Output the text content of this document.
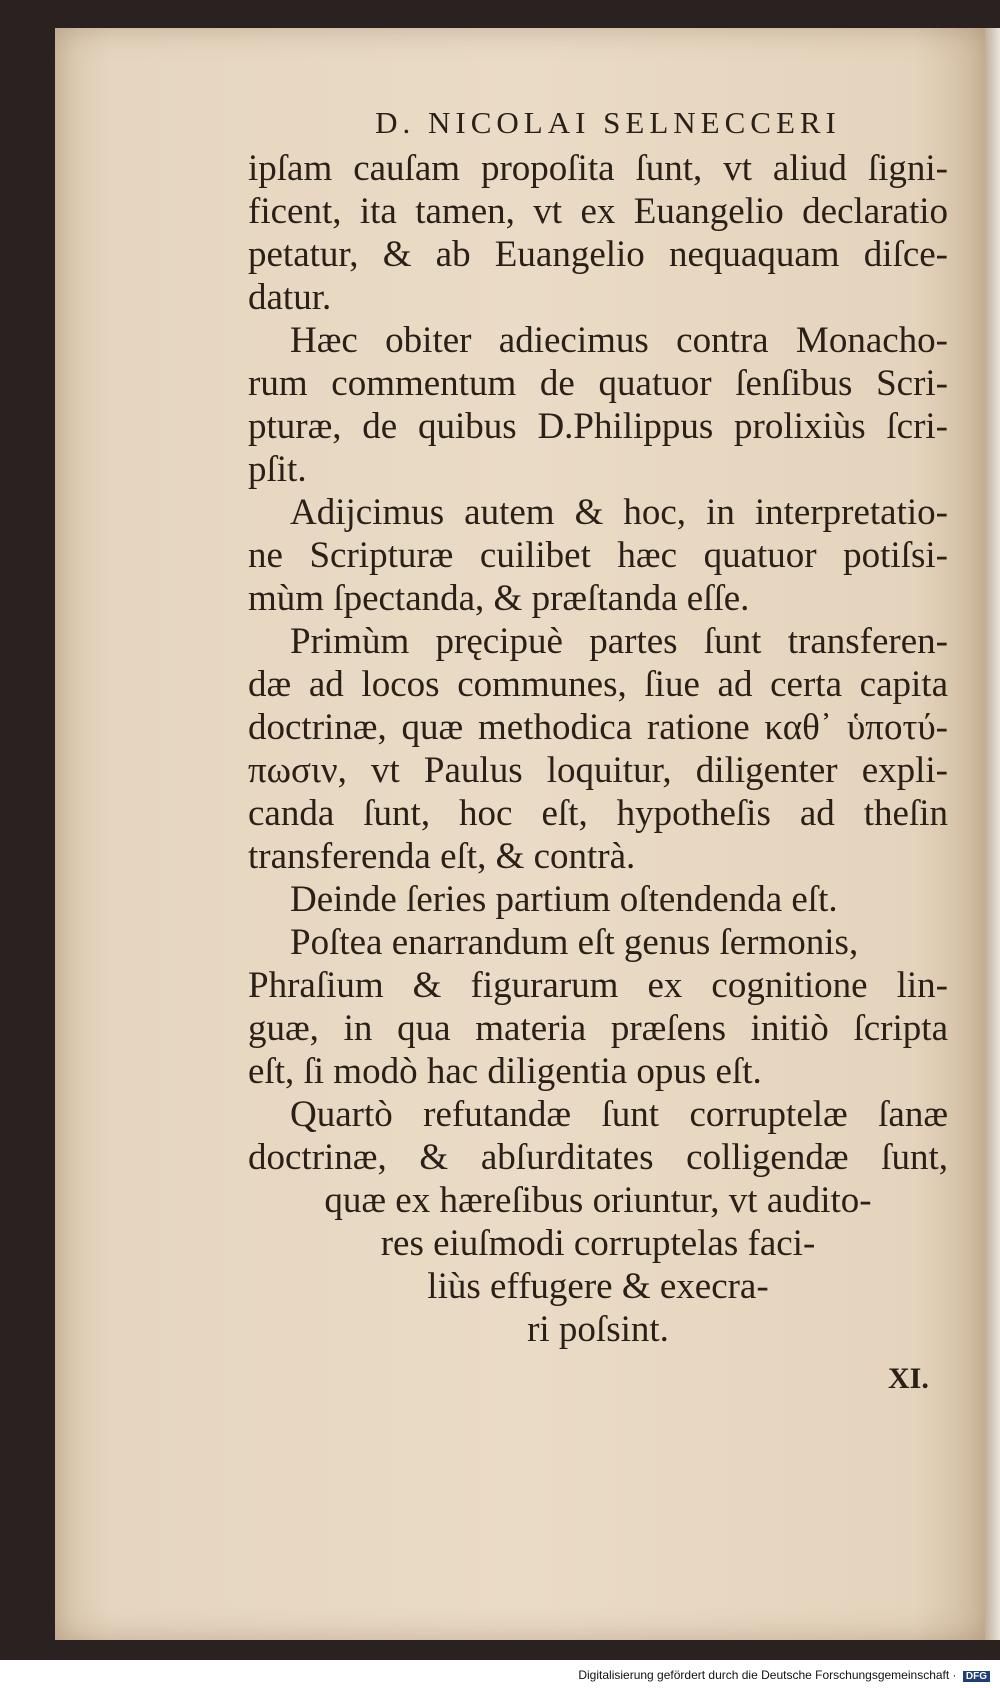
D. NICOLAI SELNECCERI
ipſam cauſam propoſita ſunt, vt aliud ſigni-
ficent, ita tamen, vt ex Euangelio declaratio
petatur, & ab Euangelio nequaquam diſce-
datur.
Hæc obiter adiecimus contra Monacho-
rum commentum de quatuor ſenſibus Scri-
pturæ, de quibus D.Philippus prolixiùs ſcri-
pſit.
Adijcimus autem & hoc, in interpretatio-
ne Scripturæ cuilibet hæc quatuor potiſsi-
mùm ſpectanda, & præſtanda eſſe.
Primùm pręcipuè partes ſunt transferen-
dæ ad locos communes, ſiue ad certa capita
doctrinæ, quæ methodica ratione καθ᾽ ὑποτύ-
πωσιν, vt Paulus loquitur, diligenter expli-
canda ſunt, hoc eſt, hypotheſis ad theſin
transferenda eſt, & contrà.
Deinde ſeries partium oſtendenda eſt.
Poſtea enarrandum eſt genus ſermonis,
Phraſium & figurarum ex cognitione lin-
guæ, in qua materia præſens initiò ſcripta
eſt, ſi modò hac diligentia opus eſt.
Quartò refutandæ ſunt corruptelæ ſanæ
doctrinæ, & abſurditates colligendæ ſunt,
quæ ex hæreſibus oriuntur, vt audito-
res eiuſmodi corruptelas faci-
liùs effugere & execra-
ri poſsint.
XI.
Digitalisierung gefördert durch die Deutsche Forschungsgemeinschaft · DFG
